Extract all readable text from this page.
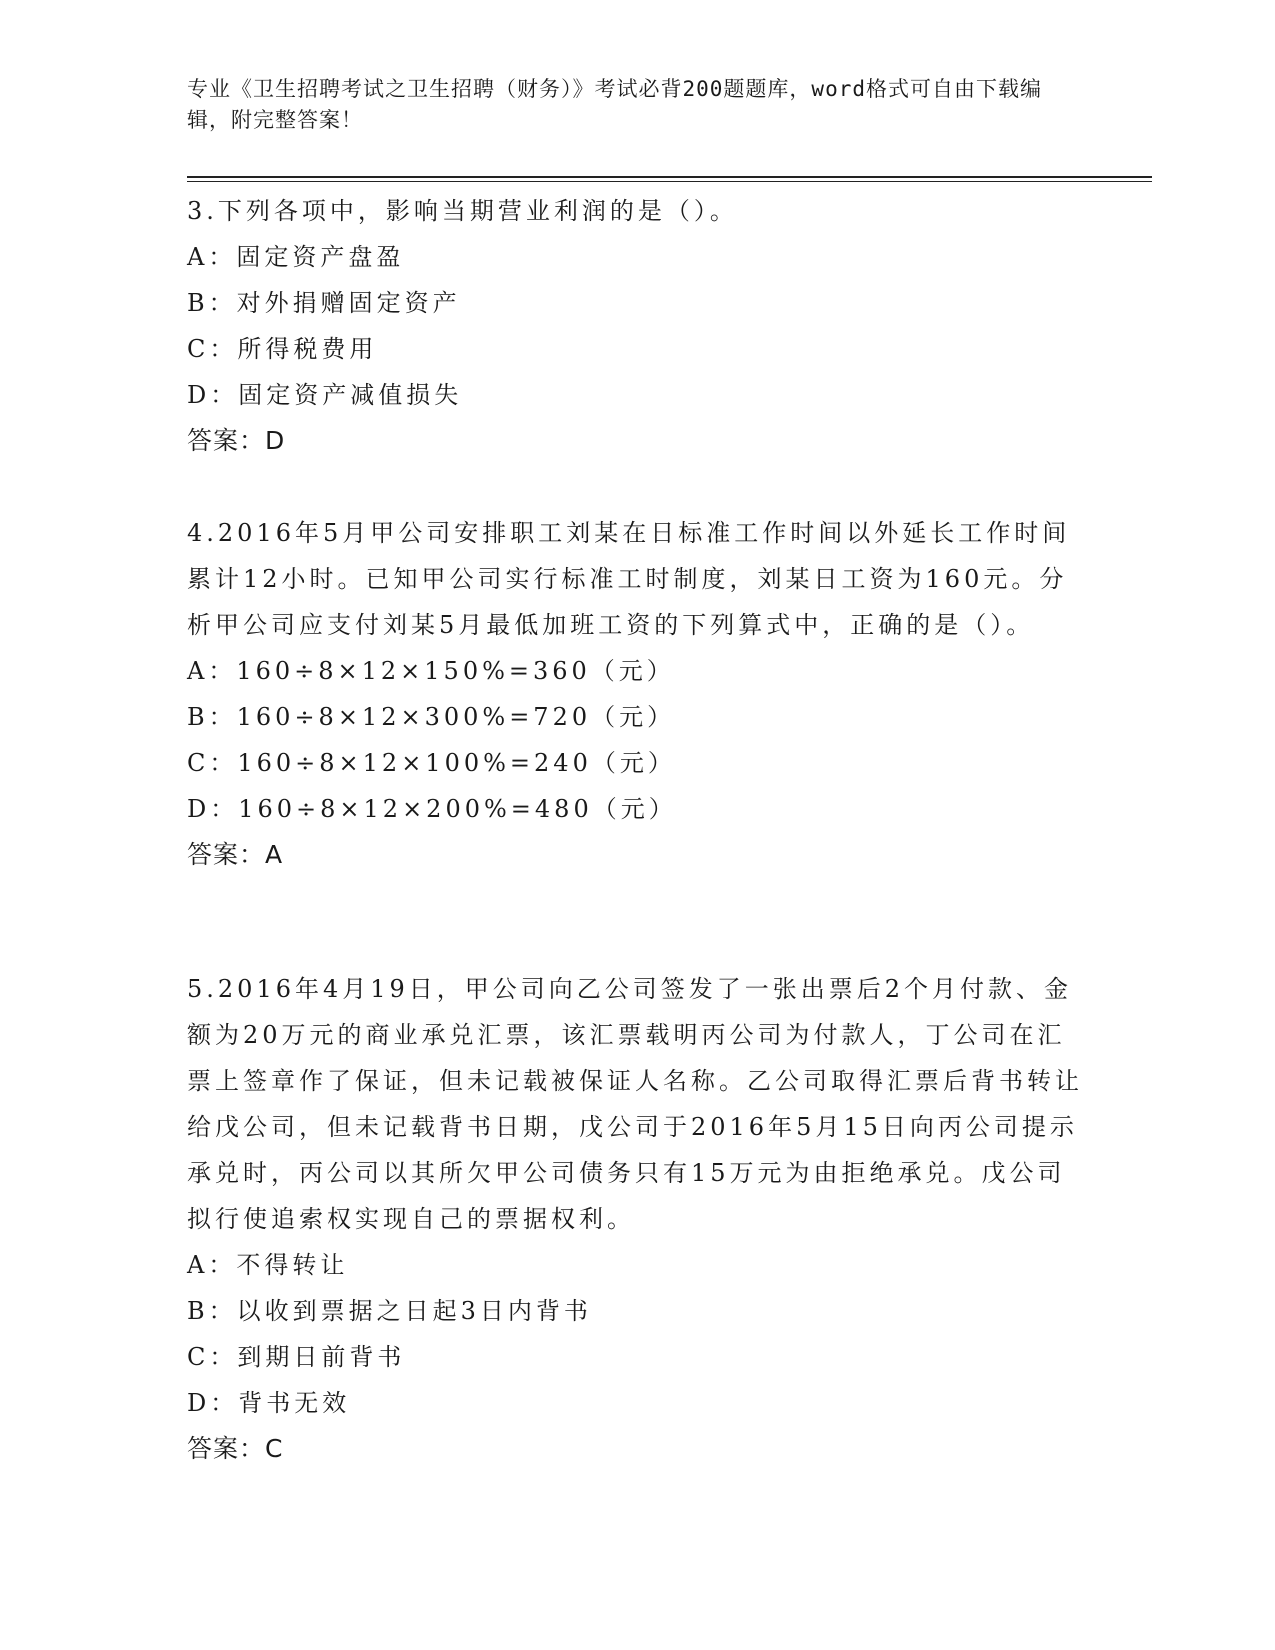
专业《卫生招聘考试之卫生招聘（财务）》考试必背200题题库，word格式可自由下载编辑，附完整答案！

3.下列各项中，影响当期营业利润的是（）。

A：固定资产盘盈

B：对外捐赠固定资产

C：所得税费用

D：固定资产减值损失

答案：D

4.2016年5月甲公司安排职工刘某在日标准工作时间以外延长工作时间累计12小时。已知甲公司实行标准工时制度，刘某日工资为160元。分析甲公司应支付刘某5月最低加班工资的下列算式中，正确的是（）。

A：160÷8×12×150%=360（元）

B：160÷8×12×300%=720（元）

C：160÷8×12×100%=240（元）

D：160÷8×12×200%=480（元）

答案：A

5.2016年4月19日，甲公司向乙公司签发了一张出票后2个月付款、金额为20万元的商业承兑汇票，该汇票载明丙公司为付款人，丁公司在汇票上签章作了保证，但未记载被保证人名称。乙公司取得汇票后背书转让给戊公司，但未记载背书日期，戊公司于2016年5月15日向丙公司提示承兑时，丙公司以其所欠甲公司债务只有15万元为由拒绝承兑。戊公司拟行使追索权实现自己的票据权利。

A：不得转让

B：以收到票据之日起3日内背书

C：到期日前背书

D：背书无效

答案：C
